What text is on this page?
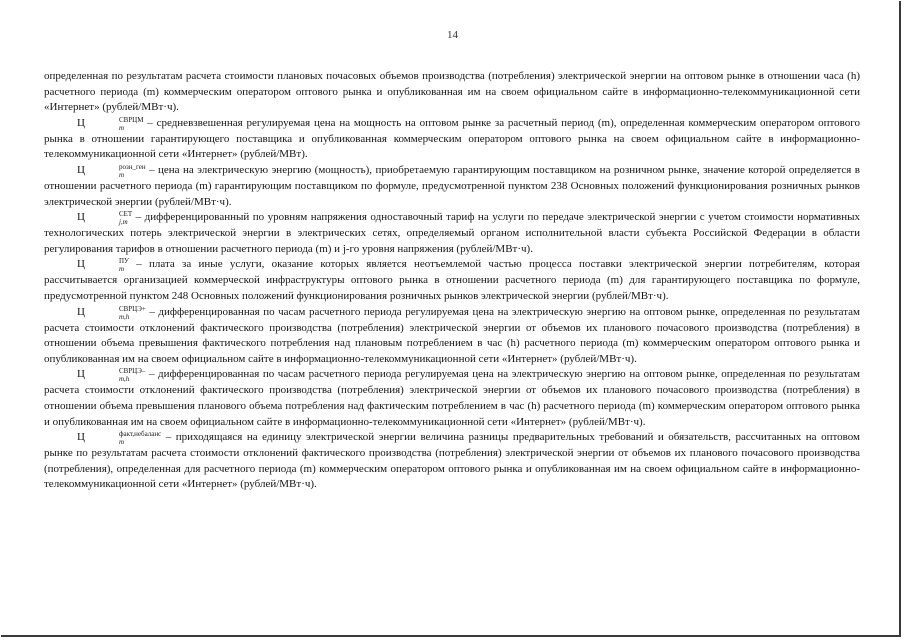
14

определенная по результатам расчета стоимости плановых почасовых объемов производства (потребления) электрической энергии на оптовом рынке в отношении часа (h) расчетного периода (m) коммерческим оператором оптового рынка и опубликованная им на своем официальном сайте в информационно-телекоммуникационной сети «Интернет» (рублей/МВт·ч).

Ц	СВРЦМ
m	– средневзвешенная регулируемая цена на мощность на оптовом рынке за расчетный период (m), определенная коммерческим оператором оптового рынка в отношении гарантирующего поставщика и опубликованная коммерческим оператором оптового рынка на своем официальном сайте в информационно-телекоммуникационной сети «Интернет» (рублей/МВт).

Ц	розн_ген
m	– цена на электрическую энергию (мощность), приобретаемую гарантирующим поставщиком на розничном рынке, значение которой определяется в отношении расчетного периода (m) гарантирующим поставщиком по формуле, предусмотренной пунктом 238 Основных положений функционирования розничных рынков электрической энергии (рублей/МВт·ч).

Ц	СЕТ
j,m – дифференцированный по уровням напряжения одноставочный тариф на услуги по передаче электрической энергии с учетом стоимости нормативных технологических потерь электрической энергии в электрических сетях, определяемый органом исполнительной власти субъекта Российской Федерации в области регулирования тарифов в отношении расчетного периода (m) и j-го уровня напряжения (рублей/МВт·ч).

Ц	ПУ
m – плата за иные услуги, оказание которых является неотъемлемой частью процесса поставки электрической энергии потребителям, которая рассчитывается организацией коммерческой инфраструктуры оптового рынка в отношении расчетного периода (m) для гарантирующего поставщика по формуле, предусмотренной пунктом 248 Основных положений функционирования розничных рынков электрической энергии (рублей/МВт·ч).

Ц	СВРЦЭ+
m,h	– дифференцированная по часам расчетного периода регулируемая цена на электрическую энергию на оптовом рынке, определенная по результатам расчета стоимости отклонений фактического производства (потребления) электрической энергии от объемов их планового почасового производства (потребления) в отношении объема превышения фактического потребления над плановым потреблением в час (h) расчетного периода (m) коммерческим оператором оптового рынка и опубликованная им на своем официальном сайте в информационно-телекоммуникационной сети «Интернет» (рублей/МВт·ч).

Ц	СВРЦЭ–
m,h	– дифференцированная по часам расчетного периода регулируемая цена на электрическую энергию на оптовом рынке, определенная по результатам расчета стоимости отклонений фактического производства (потребления) электрической энергии от объемов их планового почасового производства (потребления) в отношении объема превышения планового объема потребления над фактическим потреблением в час (h) расчетного периода (m) коммерческим оператором оптового рынка и опубликованная им на своем официальном сайте в информационно-телекоммуникационной сети «Интернет» (рублей/МВт·ч).

Ц	факт,небаланс
m	– приходящаяся на единицу электрической энергии величина разницы предварительных требований и обязательств, рассчитанных на оптовом рынке по результатам расчета стоимости отклонений фактического производства (потребления) электрической энергии от объемов их планового почасового производства (потребления), определенная для расчетного периода (m) коммерческим оператором оптового рынка и опубликованная им на своем официальном сайте в информационно-телекоммуникационной сети «Интернет» (рублей/МВт·ч).
